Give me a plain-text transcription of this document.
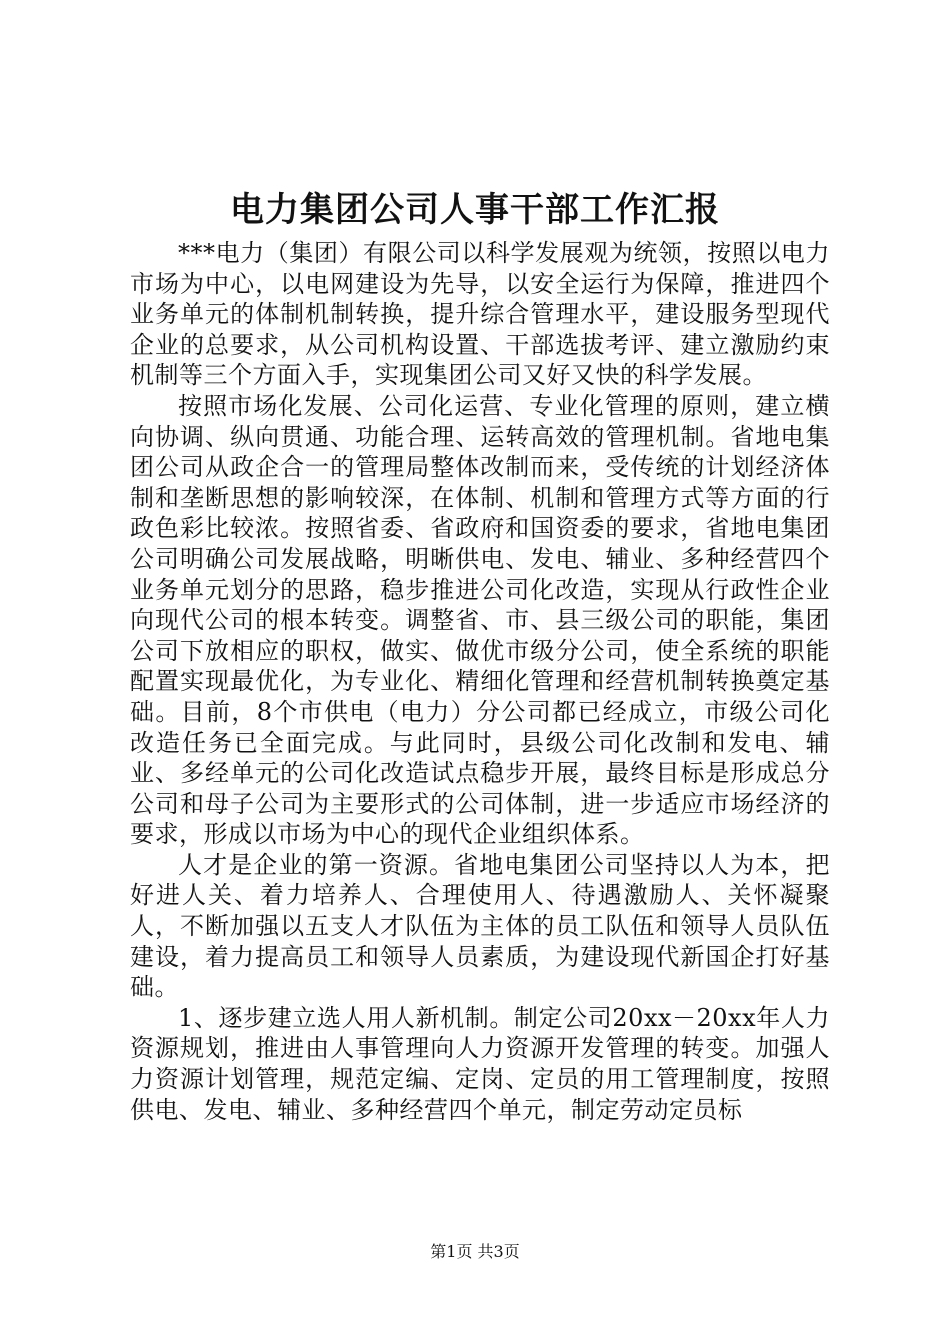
电力集团公司人事干部工作汇报

***电力（集团）有限公司以科学发展观为统领，按照以电力市场为中心，以电网建设为先导，以安全运行为保障，推进四个业务单元的体制机制转换，提升综合管理水平，建设服务型现代企业的总要求，从公司机构设置、干部选拔考评、建立激励约束机制等三个方面入手，实现集团公司又好又快的科学发展。

按照市场化发展、公司化运营、专业化管理的原则，建立横向协调、纵向贯通、功能合理、运转高效的管理机制。省地电集团公司从政企合一的管理局整体改制而来，受传统的计划经济体制和垄断思想的影响较深，在体制、机制和管理方式等方面的行政色彩比较浓。按照省委、省政府和国资委的要求，省地电集团公司明确公司发展战略，明晰供电、发电、辅业、多种经营四个业务单元划分的思路，稳步推进公司化改造，实现从行政性企业向现代公司的根本转变。调整省、市、县三级公司的职能，集团公司下放相应的职权，做实、做优市级分公司，使全系统的职能配置实现最优化，为专业化、精细化管理和经营机制转换奠定基础。目前，8个市供电（电力）分公司都已经成立，市级公司化改造任务已全面完成。与此同时，县级公司化改制和发电、辅业、多经单元的公司化改造试点稳步开展，最终目标是形成总分公司和母子公司为主要形式的公司体制，进一步适应市场经济的要求，形成以市场为中心的现代企业组织体系。

人才是企业的第一资源。省地电集团公司坚持以人为本，把好进人关、着力培养人、合理使用人、待遇激励人、关怀凝聚人，不断加强以五支人才队伍为主体的员工队伍和领导人员队伍建设，着力提高员工和领导人员素质，为建设现代新国企打好基础。

1、逐步建立选人用人新机制。制定公司20xx－20xx年人力资源规划，推进由人事管理向人力资源开发管理的转变。加强人力资源计划管理，规范定编、定岗、定员的用工管理制度，按照供电、发电、辅业、多种经营四个单元，制定劳动定员标

第1页 共3页
